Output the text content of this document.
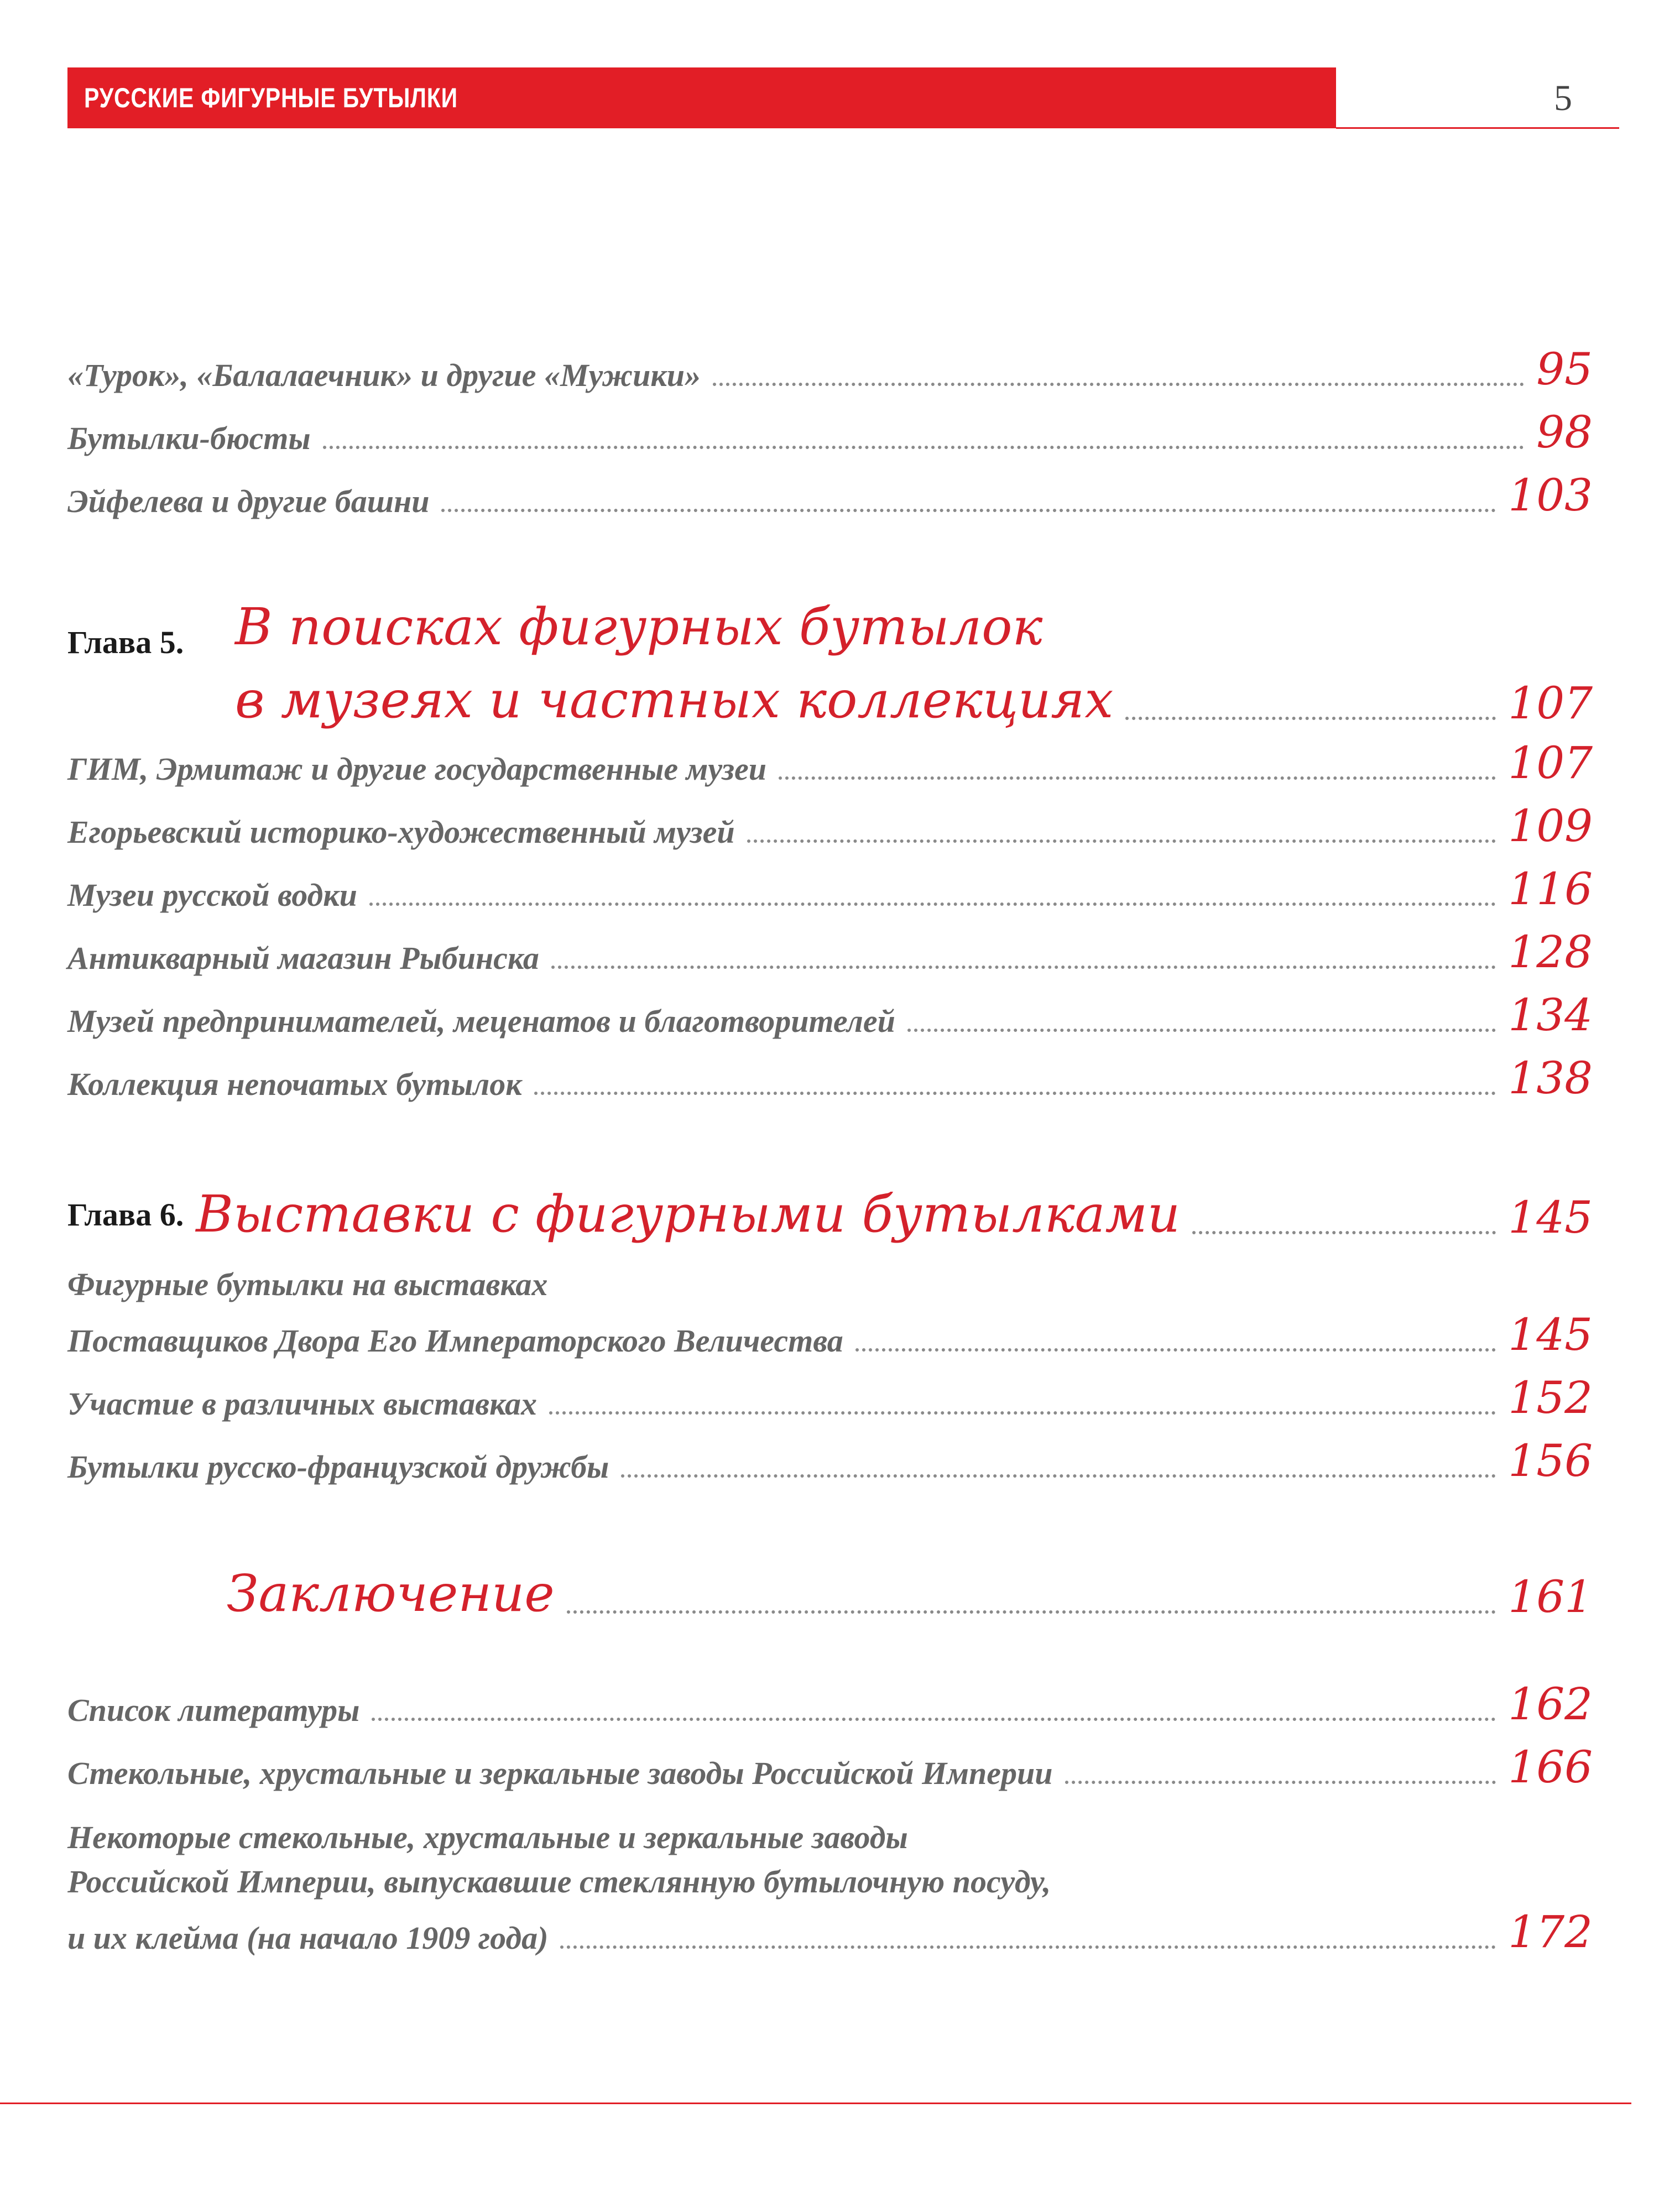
РУССКИЕ ФИГУРНЫЕ БУТЫЛКИ	5
«Турок», «Балалаечник» и другие «Мужики»	95
Бутылки-бюсты	98
Эйфелева и другие башни	103
Глава 5. В поисках фигурных бутылок
в музеях и частных коллекциях	107
ГИМ, Эрмитаж и другие государственные музеи	107
Егорьевский историко-художественный музей	109
Музеи русской водки	116
Антикварный магазин Рыбинска	128
Музей предпринимателей, меценатов и благотворителей	134
Коллекция непочатых бутылок	138
Глава 6. Выставки с фигурными бутылками	145
Фигурные бутылки на выставках
Поставщиков Двора Его Императорского Величества	145
Участие в различных выставках	152
Бутылки русско-французской дружбы	156
Заключение	161
Список литературы	162
Стекольные, хрустальные и зеркальные заводы Российской Империи	166
Некоторые стекольные, хрустальные и зеркальные заводы
Российской Империи, выпускавшие стеклянную бутылочную посуду,
и их клейма (на начало 1909 года)	172
